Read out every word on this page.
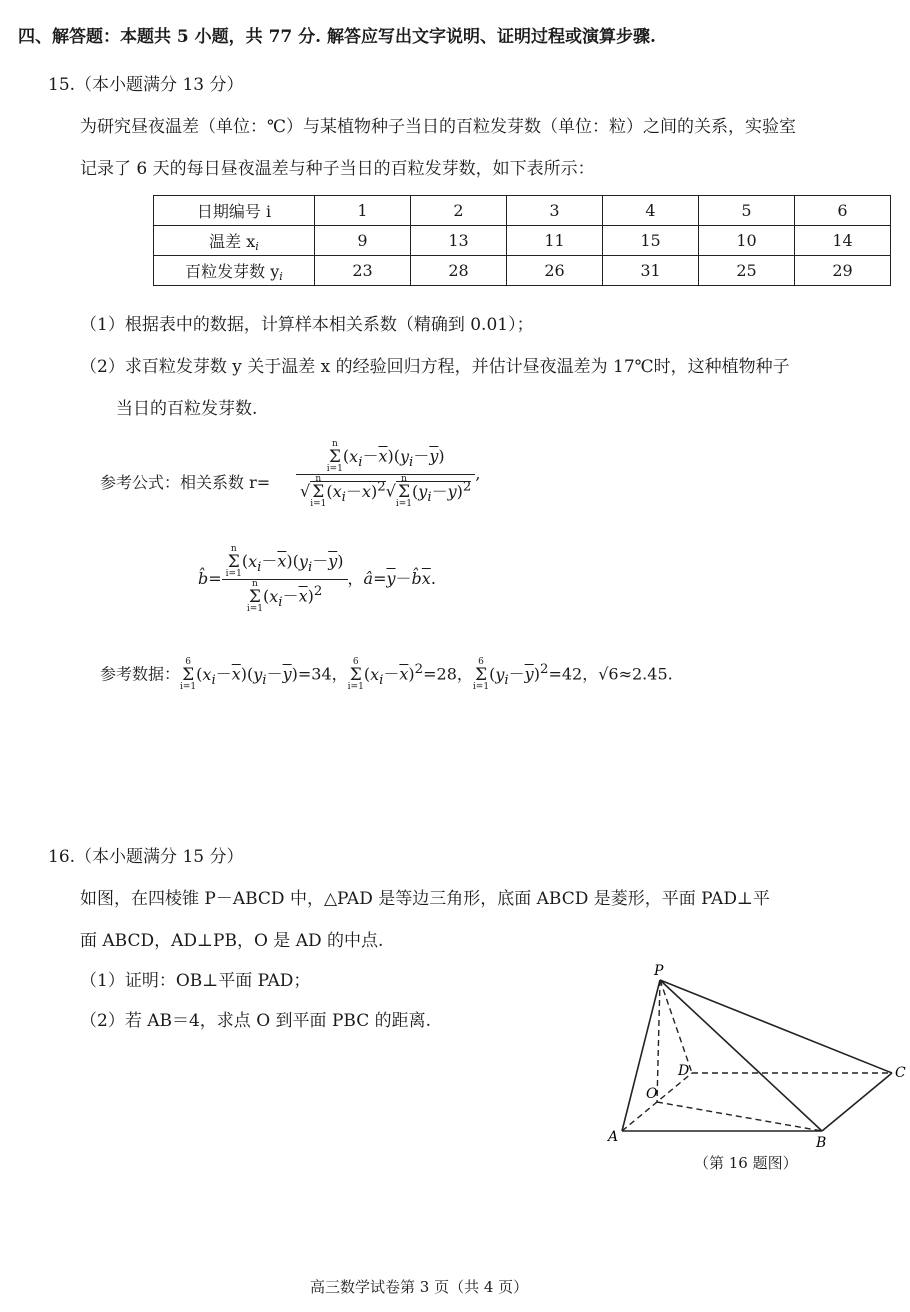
四、解答题：本题共 5 小题，共 77 分. 解答应写出文字说明、证明过程或演算步骤.
15.（本小题满分 13 分）
为研究昼夜温差（单位：℃）与某植物种子当日的百粒发芽数（单位：粒）之间的关系，实验室
记录了 6 天的每日昼夜温差与种子当日的百粒发芽数，如下表所示：
日期编号 i	1	2	3	4	5	6
温差 $x_i$	9	13	11	15	10	14
百粒发芽数 $y_i$	23	28	26	31	25	29
（1）根据表中的数据，计算样本相关系数（精确到 0.01）；
（2）求百粒发芽数 y 关于温差 x 的经验回归方程，并估计昼夜温差为 17℃时，这种植物种子
当日的百粒发芽数.
参考公式：相关系数 r=	n
Σ
i=1
$(x_i-\overline{x})(y_i-\overline{y})$
√
n
Σ
i=1
$(x_i-\overline{x})^2√$
n
Σ
i=1
$(y_i-\overline{y})^2$ ,
b̂= n
Σ
i=1
$(x_i-\overline{x})(y_i-\overline{y})$
n
Σ
i=1
$(x_i-\overline{x})^2$ ，$â=\overline{y}-b̂\overline{x}$.
参考数据：
6
Σ
i=1
$(x_i-\overline{x})(y_i-\overline{y})=34$，
6
Σ
i=1
$(x_i-\overline{x})^2=28$，
6
Σ
i=1
$(y_i-\overline{y})^2=42$，√6≈2.45.
16.（本小题满分 15 分）
如图，在四棱锥 P－ABCD 中，△PAD 是等边三角形，底面 ABCD 是菱形，平面 PAD⊥平
面 ABCD，AD⊥PB，O 是 AD 的中点.
（1）证明：OB⊥平面 PAD；
（2）若 AB＝4，求点 O 到平面 PBC 的距离.
P
D	C
O
A	B
（第 16 题图）
高三数学试卷第 3 页（共 4 页）
